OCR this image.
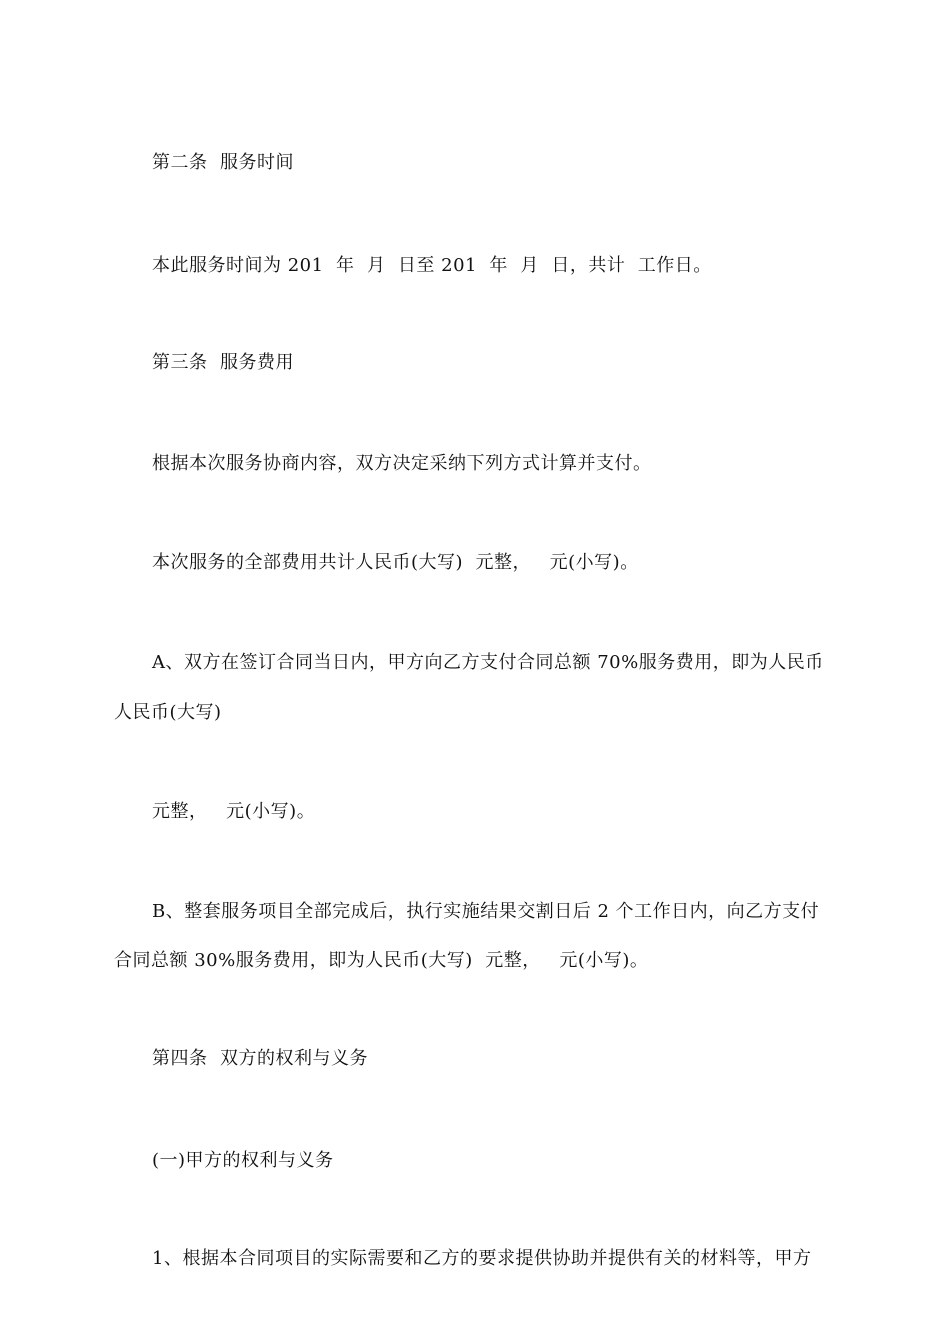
第二条  服务时间
本此服务时间为 201  年  月  日至 201  年  月  日，共计  工作日。
第三条  服务费用
根据本次服务协商内容，双方决定采纳下列方式计算并支付。
本次服务的全部费用共计人民币(大写)  元整，   元(小写)。
A、双方在签订合同当日内，甲方向乙方支付合同总额 70%服务费用，即为人民币
人民币(大写)
元整，   元(小写)。
B、整套服务项目全部完成后，执行实施结果交割日后 2 个工作日内，向乙方支付
合同总额 30%服务费用，即为人民币(大写)  元整，   元(小写)。
第四条  双方的权利与义务
(一)甲方的权利与义务
1、根据本合同项目的实际需要和乙方的要求提供协助并提供有关的材料等，甲方
